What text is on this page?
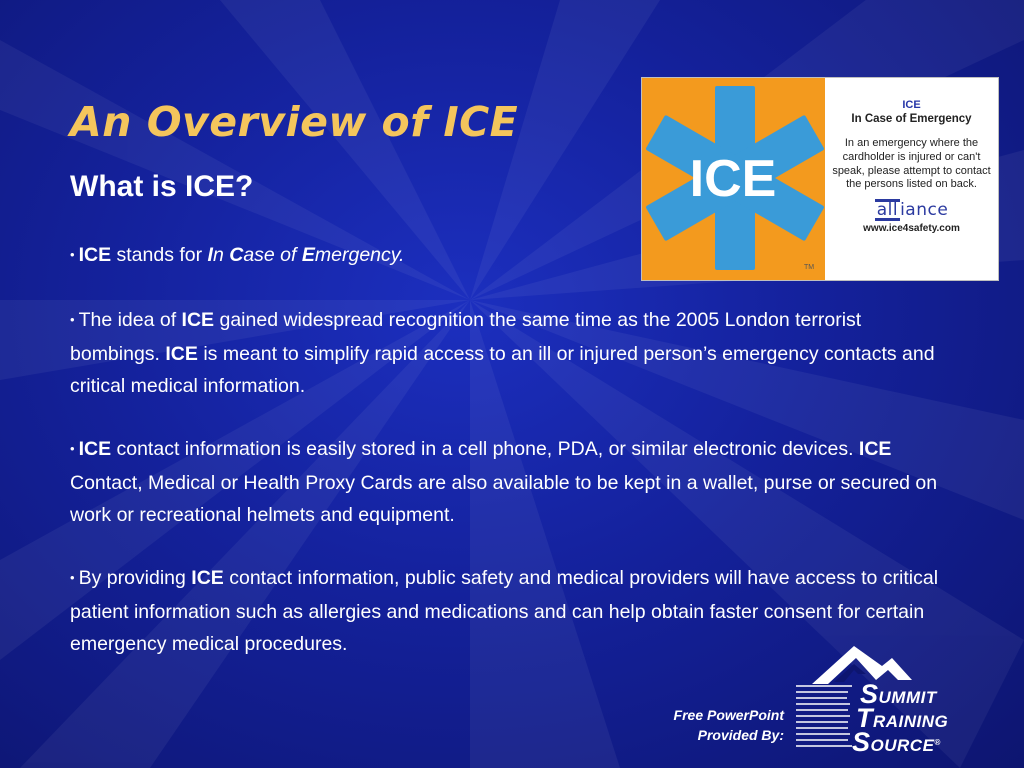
An Overview of ICE
What is ICE?	ICE
TM
ICE
In Case of Emergency
In an emergency where the cardholder is injured or can't speak, please attempt to contact the persons listed on back.
all iance
www.ice4safety.com

• ICE stands for In Case of Emergency.

• The idea of ICE gained widespread recognition the same time as the 2005 London terrorist bombings. ICE is meant to simplify rapid access to an ill or injured person’s emergency contacts and critical medical information.

• ICE contact information is easily stored in a cell phone, PDA, or similar electronic devices. ICE Contact, Medical or Health Proxy Cards are also available to be kept in a wallet, purse or secured on work or recreational helmets and equipment.

• By providing ICE contact information, public safety and medical providers will have access to critical patient information such as allergies and medications and can help obtain faster consent for certain emergency medical procedures.

Free PowerPoint
Provided By:
SUMMIT
TRAINING
SOURCE®
